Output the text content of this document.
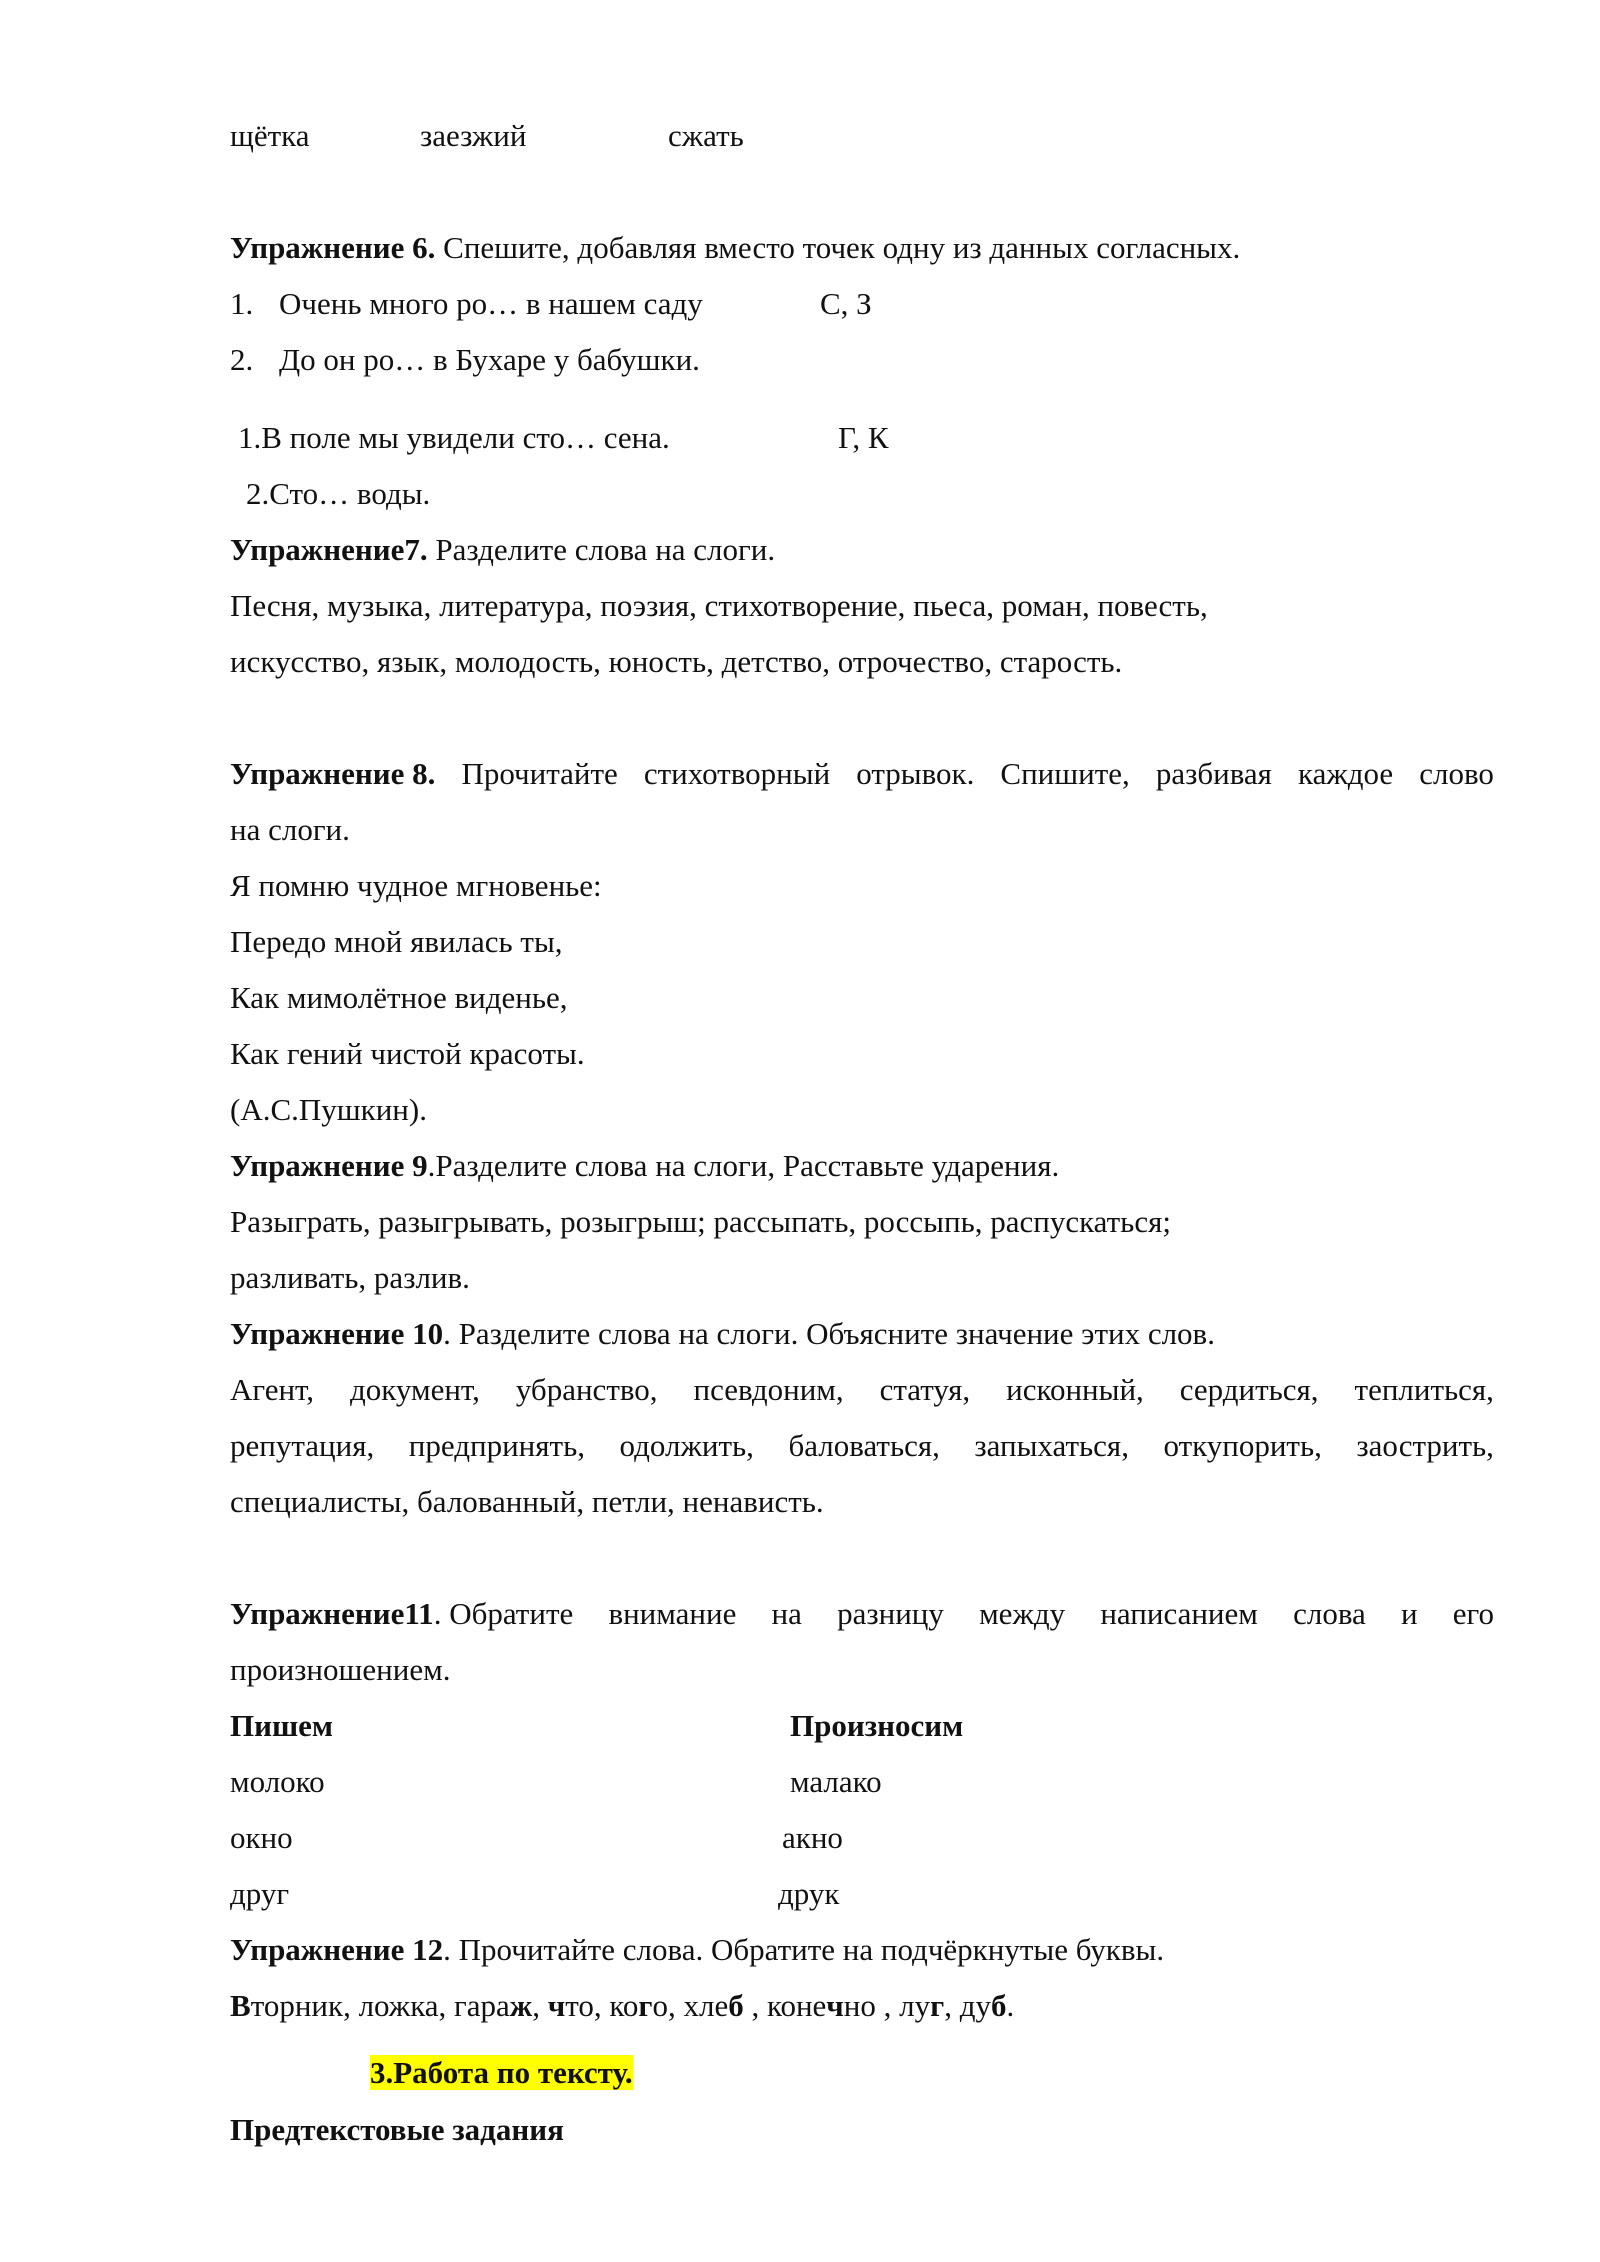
щётка	заезжий	сжать
Упражнение 6. Спешите, добавляя вместо точек одну из данных согласных.
1. Очень много ро… в нашем саду	С, З
2. До он ро… в Бухаре у бабушки.
1.В поле мы увидели сто… сена.	Г, К
2.Сто… воды.
Упражнение7. Разделите слова на слоги.
Песня, музыка, литература, поэзия, стихотворение, пьеса, роман, повесть,
искусство, язык, молодость, юность, детство, отрочество, старость.
Упражнение 8. Прочитайте стихотворный отрывок. Спишите, разбивая каждое слово
на слоги.
Я помню чудное мгновенье:
Передо мной явилась ты,
Как мимолётное виденье,
Как гений чистой красоты.
(А.С.Пушкин).
Упражнение 9.Разделите слова на слоги, Расставьте ударения.
Разыграть, разыгрывать, розыгрыш; рассыпать, россыпь, распускаться;
разливать, разлив.
Упражнение 10. Разделите слова на слоги. Объясните значение этих слов.
Агент, документ, убранство, псевдоним, статуя, исконный, сердиться, теплиться,
репутация, предпринять, одолжить, баловаться, запыхаться, откупорить, заострить,
специалисты, балованный, петли, ненависть.
Упражнение11. Обратите внимание на разницу между написанием слова и его
произношением.
Пишем	Произносим
молоко	малако
окно	акно
друг	друк
Упражнение 12. Прочитайте слова. Обратите на подчёркнутые буквы.
Вторник, ложка, гараж, что, кого, хлеб , конечно , луг, дуб.
3.Работа по тексту.
Предтекстовые задания
